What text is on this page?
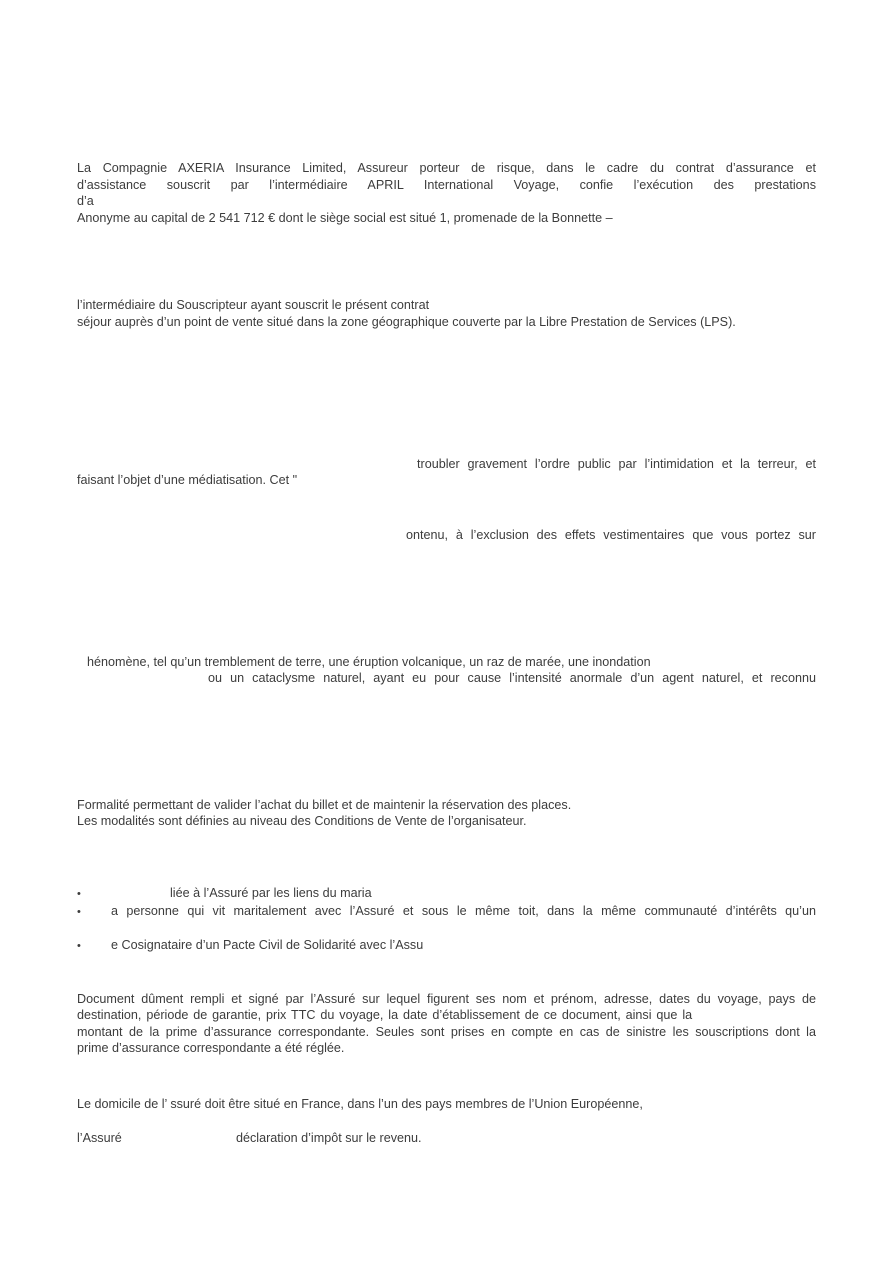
La Compagnie AXERIA Insurance Limited, Assureur porteur de risque, dans le cadre du contrat d’assurance et
d’assistance souscrit par l’intermédiaire APRIL International Voyage, confie l’exécution des prestations
d’a
Anonyme au capital de 2 541 712 € dont le siège social est situé 1, promenade de la Bonnette –
l’intermédiaire du Souscripteur ayant souscrit le présent contrat
séjour auprès d’un point de vente situé dans la zone géographique couverte par la Libre Prestation de Services (LPS).
troubler gravement l’ordre public par l’intimidation et la terreur, et
faisant l’objet d’une médiatisation. Cet "
ontenu, à l’exclusion des effets vestimentaires que vous portez sur
hénomène, tel qu’un tremblement de terre, une éruption volcanique, un raz de marée, une inondation
ou un cataclysme naturel, ayant eu pour cause l’intensité anormale d’un agent naturel, et reconnu
Formalité permettant de valider l’achat du billet et de maintenir la réservation des places.
Les modalités sont définies au niveau des Conditions de Vente de l’organisateur.
•	liée à l’Assuré par les liens du maria
• a personne qui vit maritalement avec l’Assuré et sous le même toit, dans la même communauté d’intérêts qu’un
• e Cosignataire d’un Pacte Civil de Solidarité avec l’Assu
Document dûment rempli et signé par l’Assuré sur lequel figurent ses nom et prénom, adresse, dates du voyage, pays de
destination, période de garantie, prix TTC du voyage, la date d’établissement de ce document, ainsi que la
montant de la prime d’assurance correspondante. Seules sont prises en compte en cas de sinistre les souscriptions dont la
prime d’assurance correspondante a été réglée.
Le domicile de l’ ssuré doit être situé en France, dans l’un des pays membres de l’Union Européenne,
l’Assuré	déclaration d’impôt sur le revenu.
